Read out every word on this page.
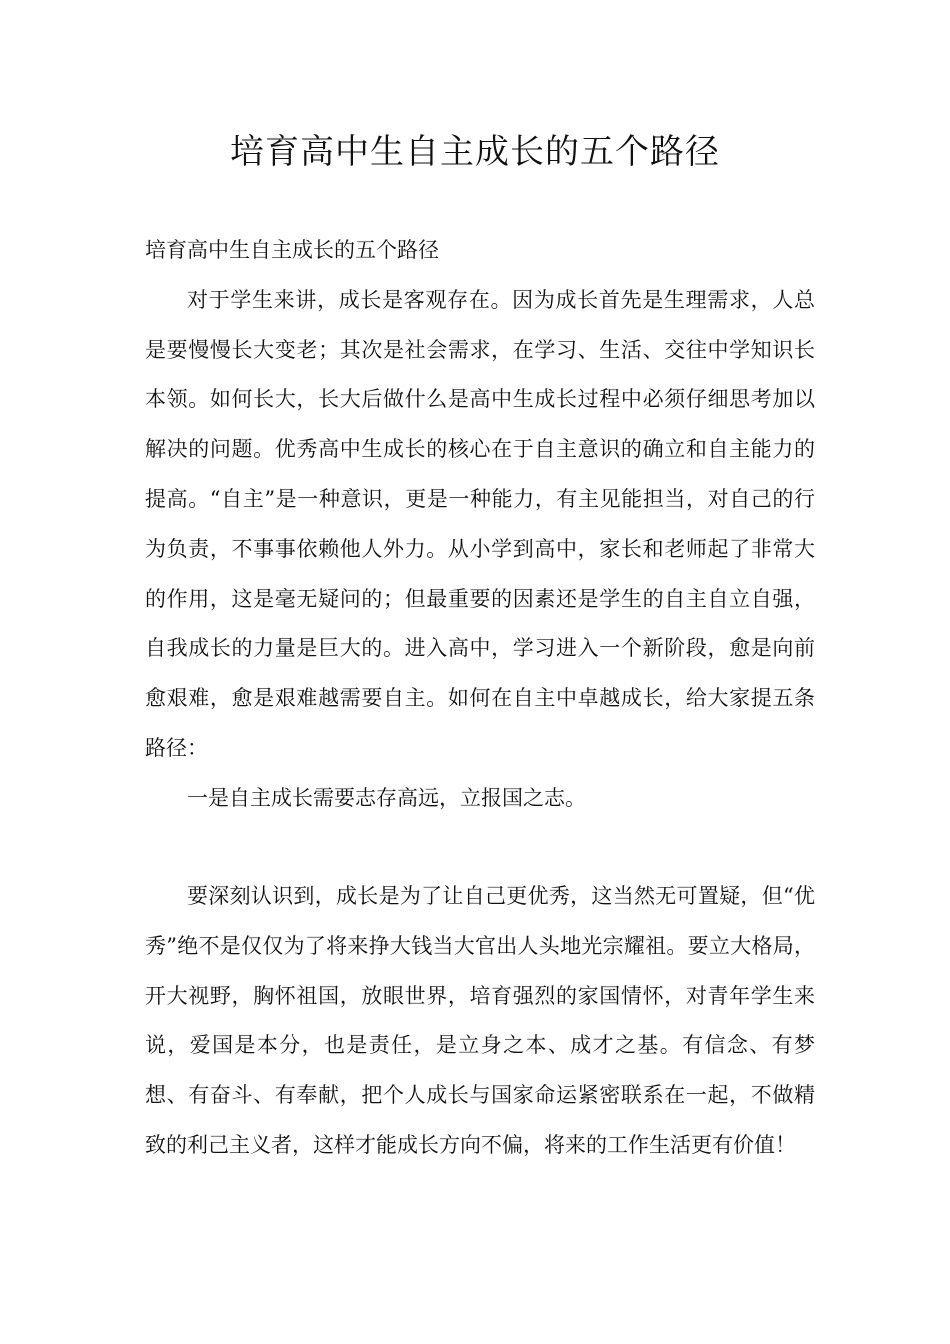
培育高中生自主成长的五个路径

培育高中生自主成长的五个路径

对于学生来讲，成长是客观存在。因为成长首先是生理需求，人总是要慢慢长大变老；其次是社会需求，在学习、生活、交往中学知识长本领。如何长大，长大后做什么是高中生成长过程中必须仔细思考加以解决的问题。优秀高中生成长的核心在于自主意识的确立和自主能力的提高。“自主”是一种意识，更是一种能力，有主见能担当，对自己的行为负责，不事事依赖他人外力。从小学到高中，家长和老师起了非常大的作用，这是毫无疑问的；但最重要的因素还是学生的自主自立自强，自我成长的力量是巨大的。进入高中，学习进入一个新阶段，愈是向前愈艰难，愈是艰难越需要自主。如何在自主中卓越成长，给大家提五条路径：

一是自主成长需要志存高远，立报国之志。

要深刻认识到，成长是为了让自己更优秀，这当然无可置疑，但“优秀”绝不是仅仅为了将来挣大钱当大官出人头地光宗耀祖。要立大格局，开大视野，胸怀祖国，放眼世界，培育强烈的家国情怀，对青年学生来说，爱国是本分，也是责任，是立身之本、成才之基。有信念、有梦想、有奋斗、有奉献，把个人成长与国家命运紧密联系在一起，不做精致的利己主义者，这样才能成长方向不偏，将来的工作生活更有价值！
